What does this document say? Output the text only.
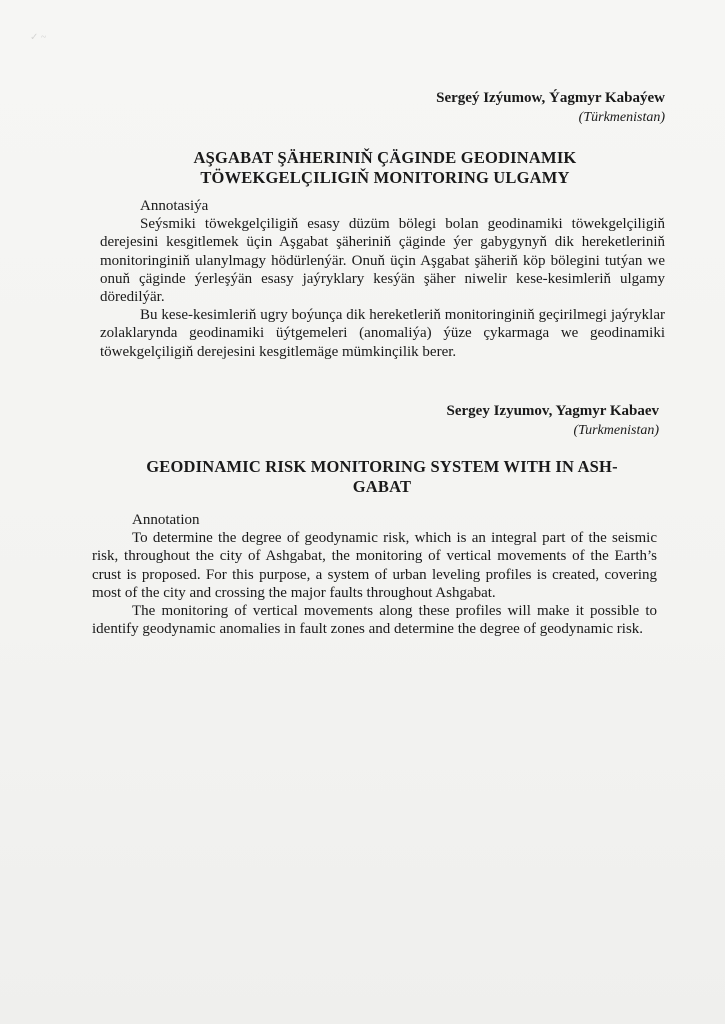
✓ ~
Sergeý Izýumow, Ýagmyr Kabaýew
(Türkmenistan)
AŞGABAT ŞÄHERINIŇ ÇÄGINDE GEODINAMIK
TÖWEKGELÇILIGIŇ MONITORING ULGAMY
Annotasiýa

Seýsmiki töwekgelçiligiň esasy düzüm bölegi bolan geodinamiki töwekgelçiligiň derejesini kesgitlemek üçin Aşgabat şäheriniň çäginde ýer gabygynyň dik hereketleriniň monitoringiniň ulanylmagy hödürlenýär. Onuň üçin Aşgabat şäheriň köp bölegini tutýan we onuň çäginde ýerleşýän esasy jaýryklary kesýän şäher niwelir kese-kesimleriň ulgamy döredilýär.

Bu kese-kesimleriň ugry boýunça dik hereketleriň monitoringiniň geçirilmegi jaýryklar zolaklarynda geodinamiki üýtgemeleri (anomaliýa) ýüze çykarmaga we geodinamiki töwekgelçiligiň derejesini kesgitlemäge mümkinçilik berer.

Sergey Izyumov, Yagmyr Kabaev
(Turkmenistan)
GEODINAMIC RISK MONITORING SYSTEM WITH IN ASH-
GABAT
Annotation

To determine the degree of geodynamic risk, which is an integral part of the seismic risk, throughout the city of Ashgabat, the monitoring of vertical movements of the Earth’s crust is proposed. For this purpose, a system of urban leveling profiles is created, covering most of the city and crossing the major faults throughout Ashgabat.

The monitoring of vertical movements along these profiles will make it possible to identify geodynamic anomalies in fault zones and determine the degree of geodynamic risk.
